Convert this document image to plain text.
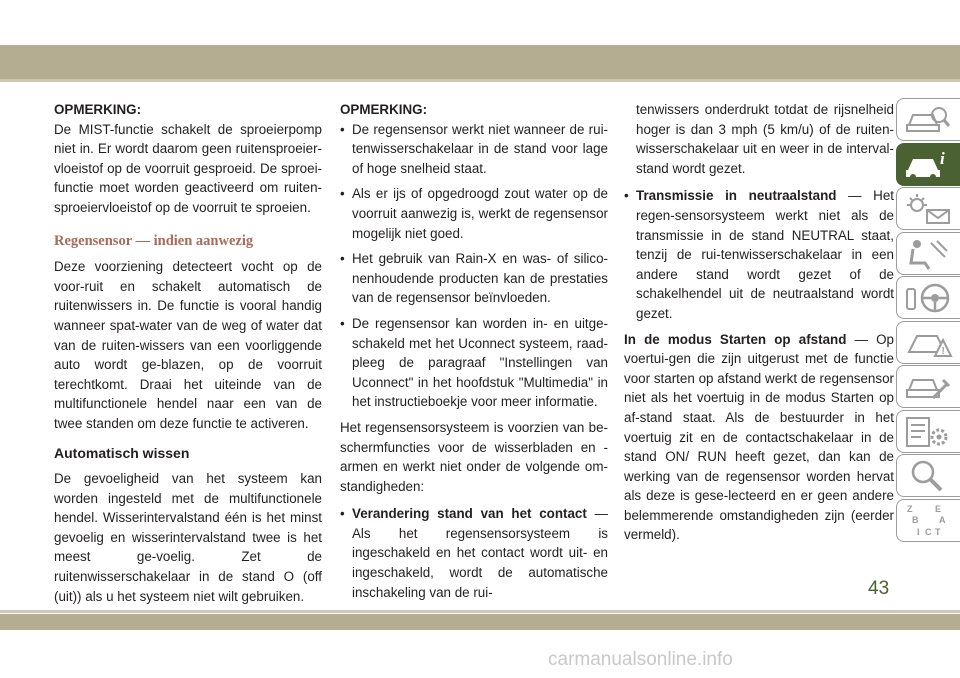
OPMERKING:

De MIST-functie schakelt de sproeierpomp niet in. Er wordt daarom geen ruitensproeier-vloeistof op de voorruit gesproeid. De sproei-functie moet worden geactiveerd om ruiten-sproeiervloeistof op de voorruit te sproeien.

Regensensor — indien aanwezig

Deze voorziening detecteert vocht op de voor-ruit en schakelt automatisch de ruitenwissers in. De functie is vooral handig wanneer spat-water van de weg of water dat van de ruiten-wissers van een voorliggende auto wordt ge-blazen, op de voorruit terechtkomt. Draai het uiteinde van de multifunctionele hendel naar een van de twee standen om deze functie te activeren.

Automatisch wissen

De gevoeligheid van het systeem kan worden ingesteld met de multifunctionele hendel. Wisserintervalstand één is het minst gevoelig en wisserintervalstand twee is het meest ge-voelig. Zet de ruitenwisserschakelaar in de stand O (off (uit)) als u het systeem niet wilt gebruiken.

OPMERKING:
• De regensensor werkt niet wanneer de rui-tenwisserschakelaar in de stand voor lage of hoge snelheid staat.
• Als er ijs of opgedroogd zout water op de voorruit aanwezig is, werkt de regensensor mogelijk niet goed.
• Het gebruik van Rain-X en was- of silico-nenhoudende producten kan de prestaties van de regensensor beïnvloeden.
• De regensensor kan worden in- en uitge-schakeld met het Uconnect systeem, raad-pleeg de paragraaf "Instellingen van Uconnect" in het hoofdstuk "Multimedia" in het instructieboekje voor meer informatie.

Het regensensorsysteem is voorzien van be-schermfuncties voor de wisserbladen en -armen en werkt niet onder de volgende om-standigheden:

• Verandering stand van het contact — Als het regensensorsysteem is ingeschakeld en het contact wordt uit- en ingeschakeld, wordt de automatische inschakeling van de rui-

tenwissers onderdrukt totdat de rijsnelheid hoger is dan 3 mph (5 km/u) of de ruiten-wisserschakelaar uit en weer in de interval-stand wordt gezet.

• Transmissie in neutraalstand — Het regen-sensorsysteem werkt niet als de transmissie in de stand NEUTRAL staat, tenzij de rui-tenwisserschakelaar in een andere stand wordt gezet of de schakelhendel uit de neutraalstand wordt gezet.

In de modus Starten op afstand — Op voertui-gen die zijn uitgerust met de functie voor starten op afstand werkt de regensensor niet als het voertuig in de modus Starten op af-stand staat. Als de bestuurder in het voertuig zit en de contactschakelaar in de stand ON/ RUN heeft gezet, dan kan de werking van de regensensor worden hervat als deze is gese-lecteerd en er geen andere belemmerende omstandigheden zijn (eerder vermeld).

i
!
Z	E
B A
I C T
43
carmanualsonline.info
